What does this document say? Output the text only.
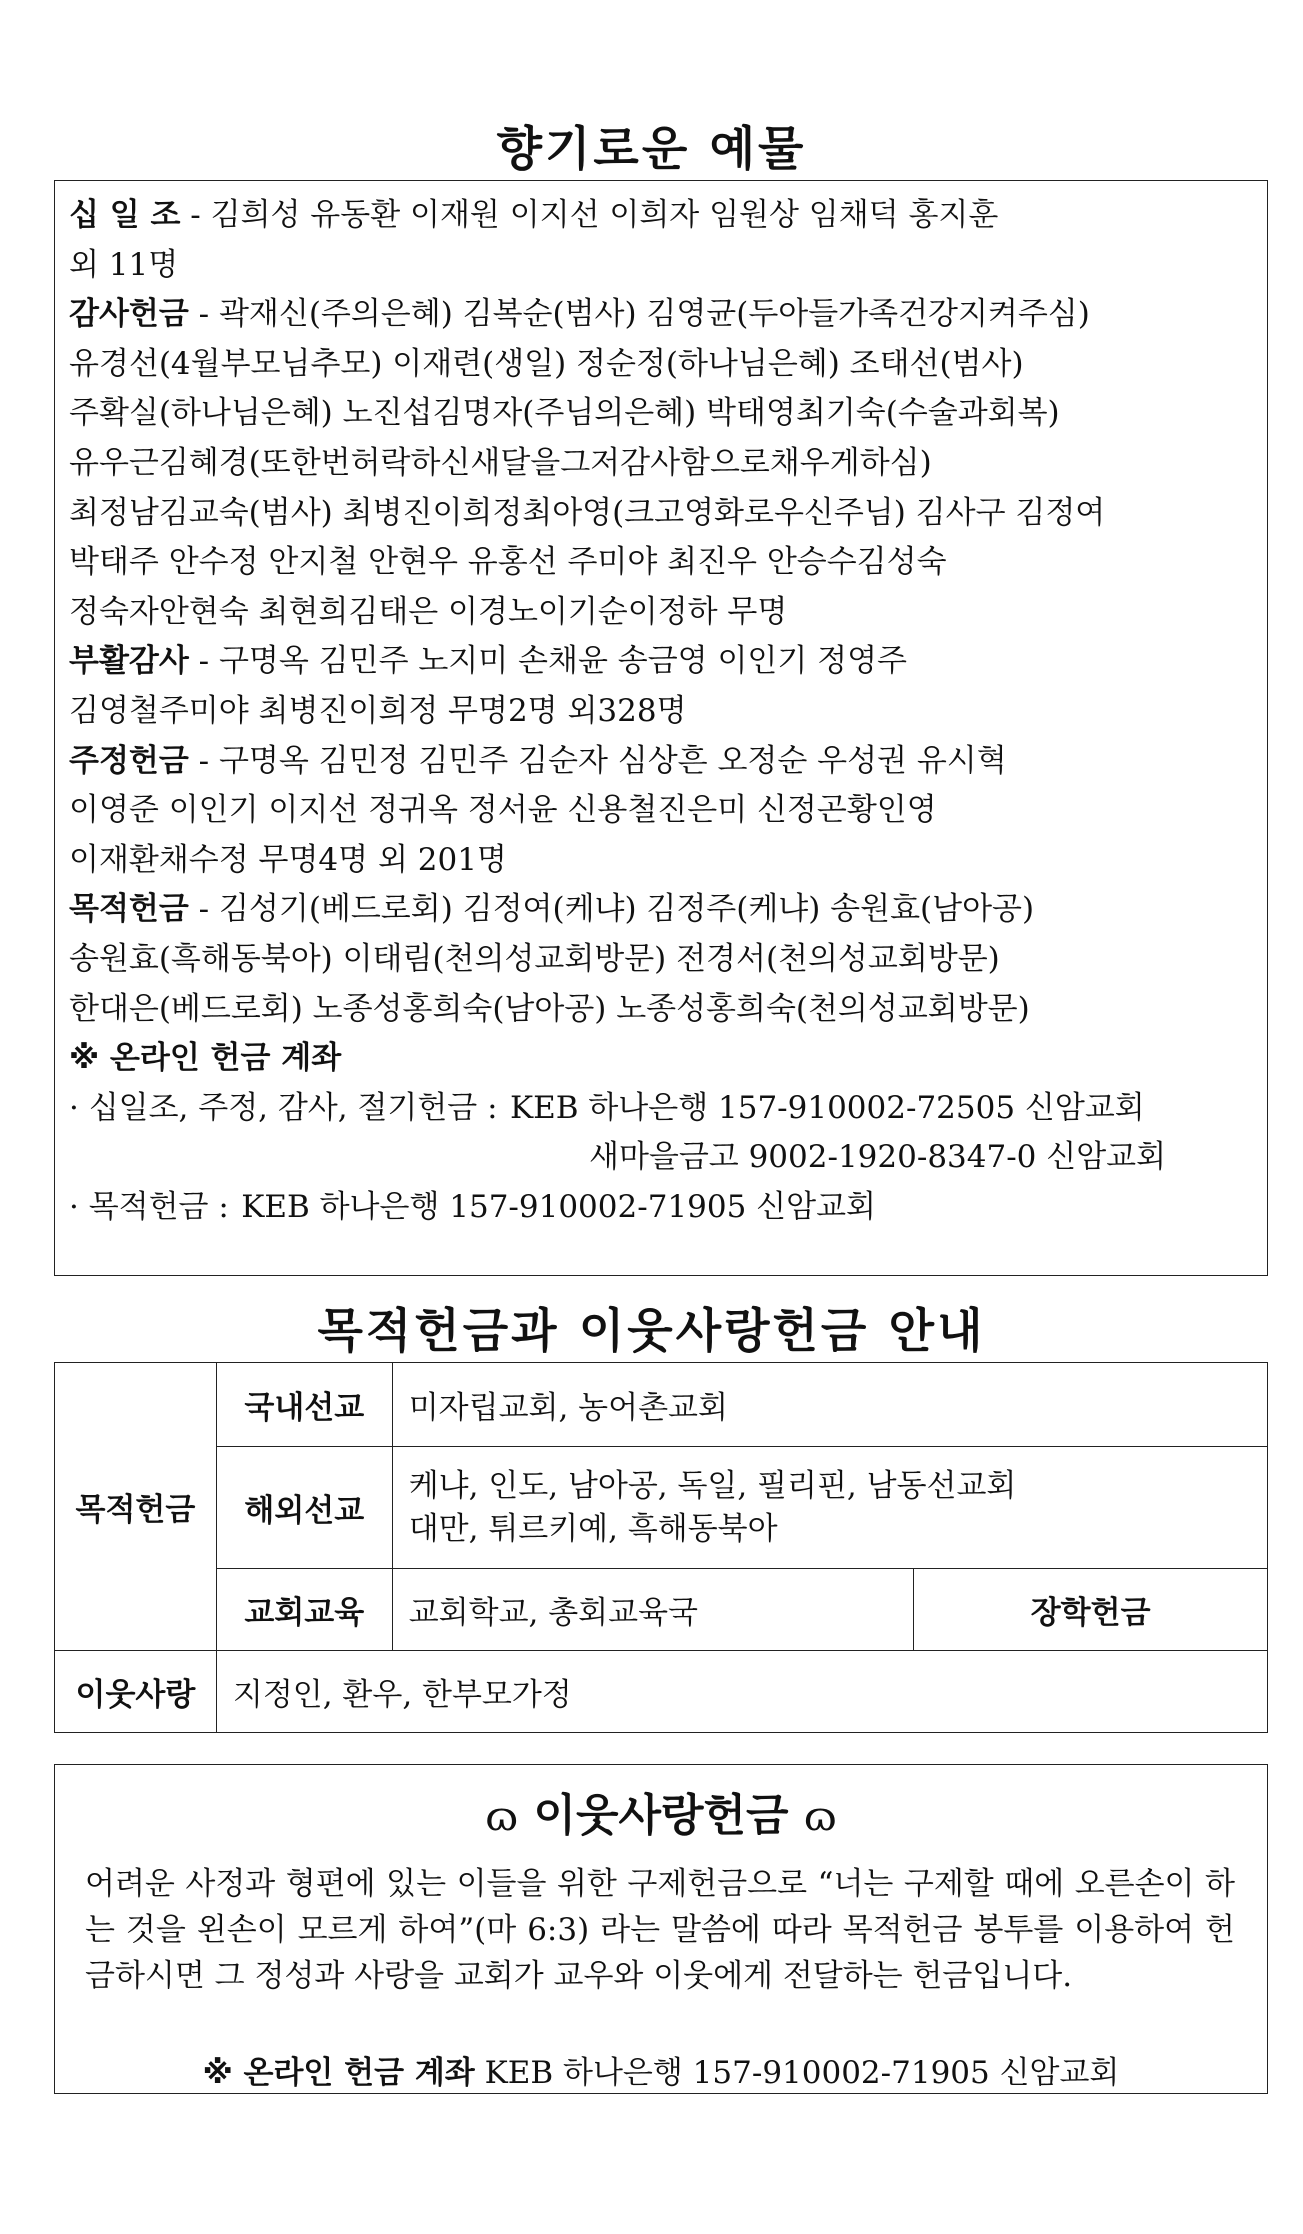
향기로운 예물
십 일 조 - 김희성 유동환 이재원 이지선 이희자 임원상 임채덕 홍지훈
외 11명
감사헌금 - 곽재신(주의은혜) 김복순(범사) 김영균(두아들가족건강지켜주심)
유경선(4월부모님추모) 이재련(생일) 정순정(하나님은혜) 조태선(범사)
주확실(하나님은혜) 노진섭김명자(주님의은혜) 박태영최기숙(수술과회복)
유우근김혜경(또한번허락하신새달을그저감사함으로채우게하심)
최정남김교숙(범사) 최병진이희정최아영(크고영화로우신주님) 김사구 김정여
박태주 안수정 안지철 안현우 유홍선 주미야 최진우 안승수김성숙
정숙자안현숙 최현희김태은 이경노이기순이정하 무명
부활감사 - 구명옥 김민주 노지미 손채윤 송금영 이인기 정영주
김영철주미야 최병진이희정 무명2명 외328명
주정헌금 - 구명옥 김민정 김민주 김순자 심상흔 오정순 우성권 유시혁
이영준 이인기 이지선 정귀옥 정서윤 신용철진은미 신정곤황인영
이재환채수정 무명4명 외 201명
목적헌금 - 김성기(베드로회) 김정여(케냐) 김정주(케냐) 송원효(남아공)
송원효(흑해동북아) 이태림(천의성교회방문) 전경서(천의성교회방문)
한대은(베드로회) 노종성홍희숙(남아공) 노종성홍희숙(천의성교회방문)
※ 온라인 헌금 계좌
· 십일조, 주정, 감사, 절기헌금 : KEB 하나은행 157-910002-72505 신암교회
새마을금고 9002-1920-8347-0 신암교회
· 목적헌금 : KEB 하나은행 157-910002-71905 신암교회
목적헌금과 이웃사랑헌금 안내
목적헌금	국내선교	미자립교회, 농어촌교회	
	해외선교	케냐, 인도, 남아공, 독일, 필리핀, 남동선교회
대만, 튀르키예, 흑해동북아	

	교회교육	교회학교, 총회교육국	장학헌금
이웃사랑	지정인, 환우, 한부모가정		
ɷ 이웃사랑헌금 ɷ
어려운 사정과 형편에 있는 이들을 위한 구제헌금으로 “너는 구제할 때에 오른손이 하는 것을 왼손이 모르게 하여”(마 6:3) 라는 말씀에 따라 목적헌금 봉투를 이용하여 헌금하시면 그 정성과 사랑을 교회가 교우와 이웃에게 전달하는 헌금입니다.
※ 온라인 헌금 계좌 KEB 하나은행 157-910002-71905 신암교회
